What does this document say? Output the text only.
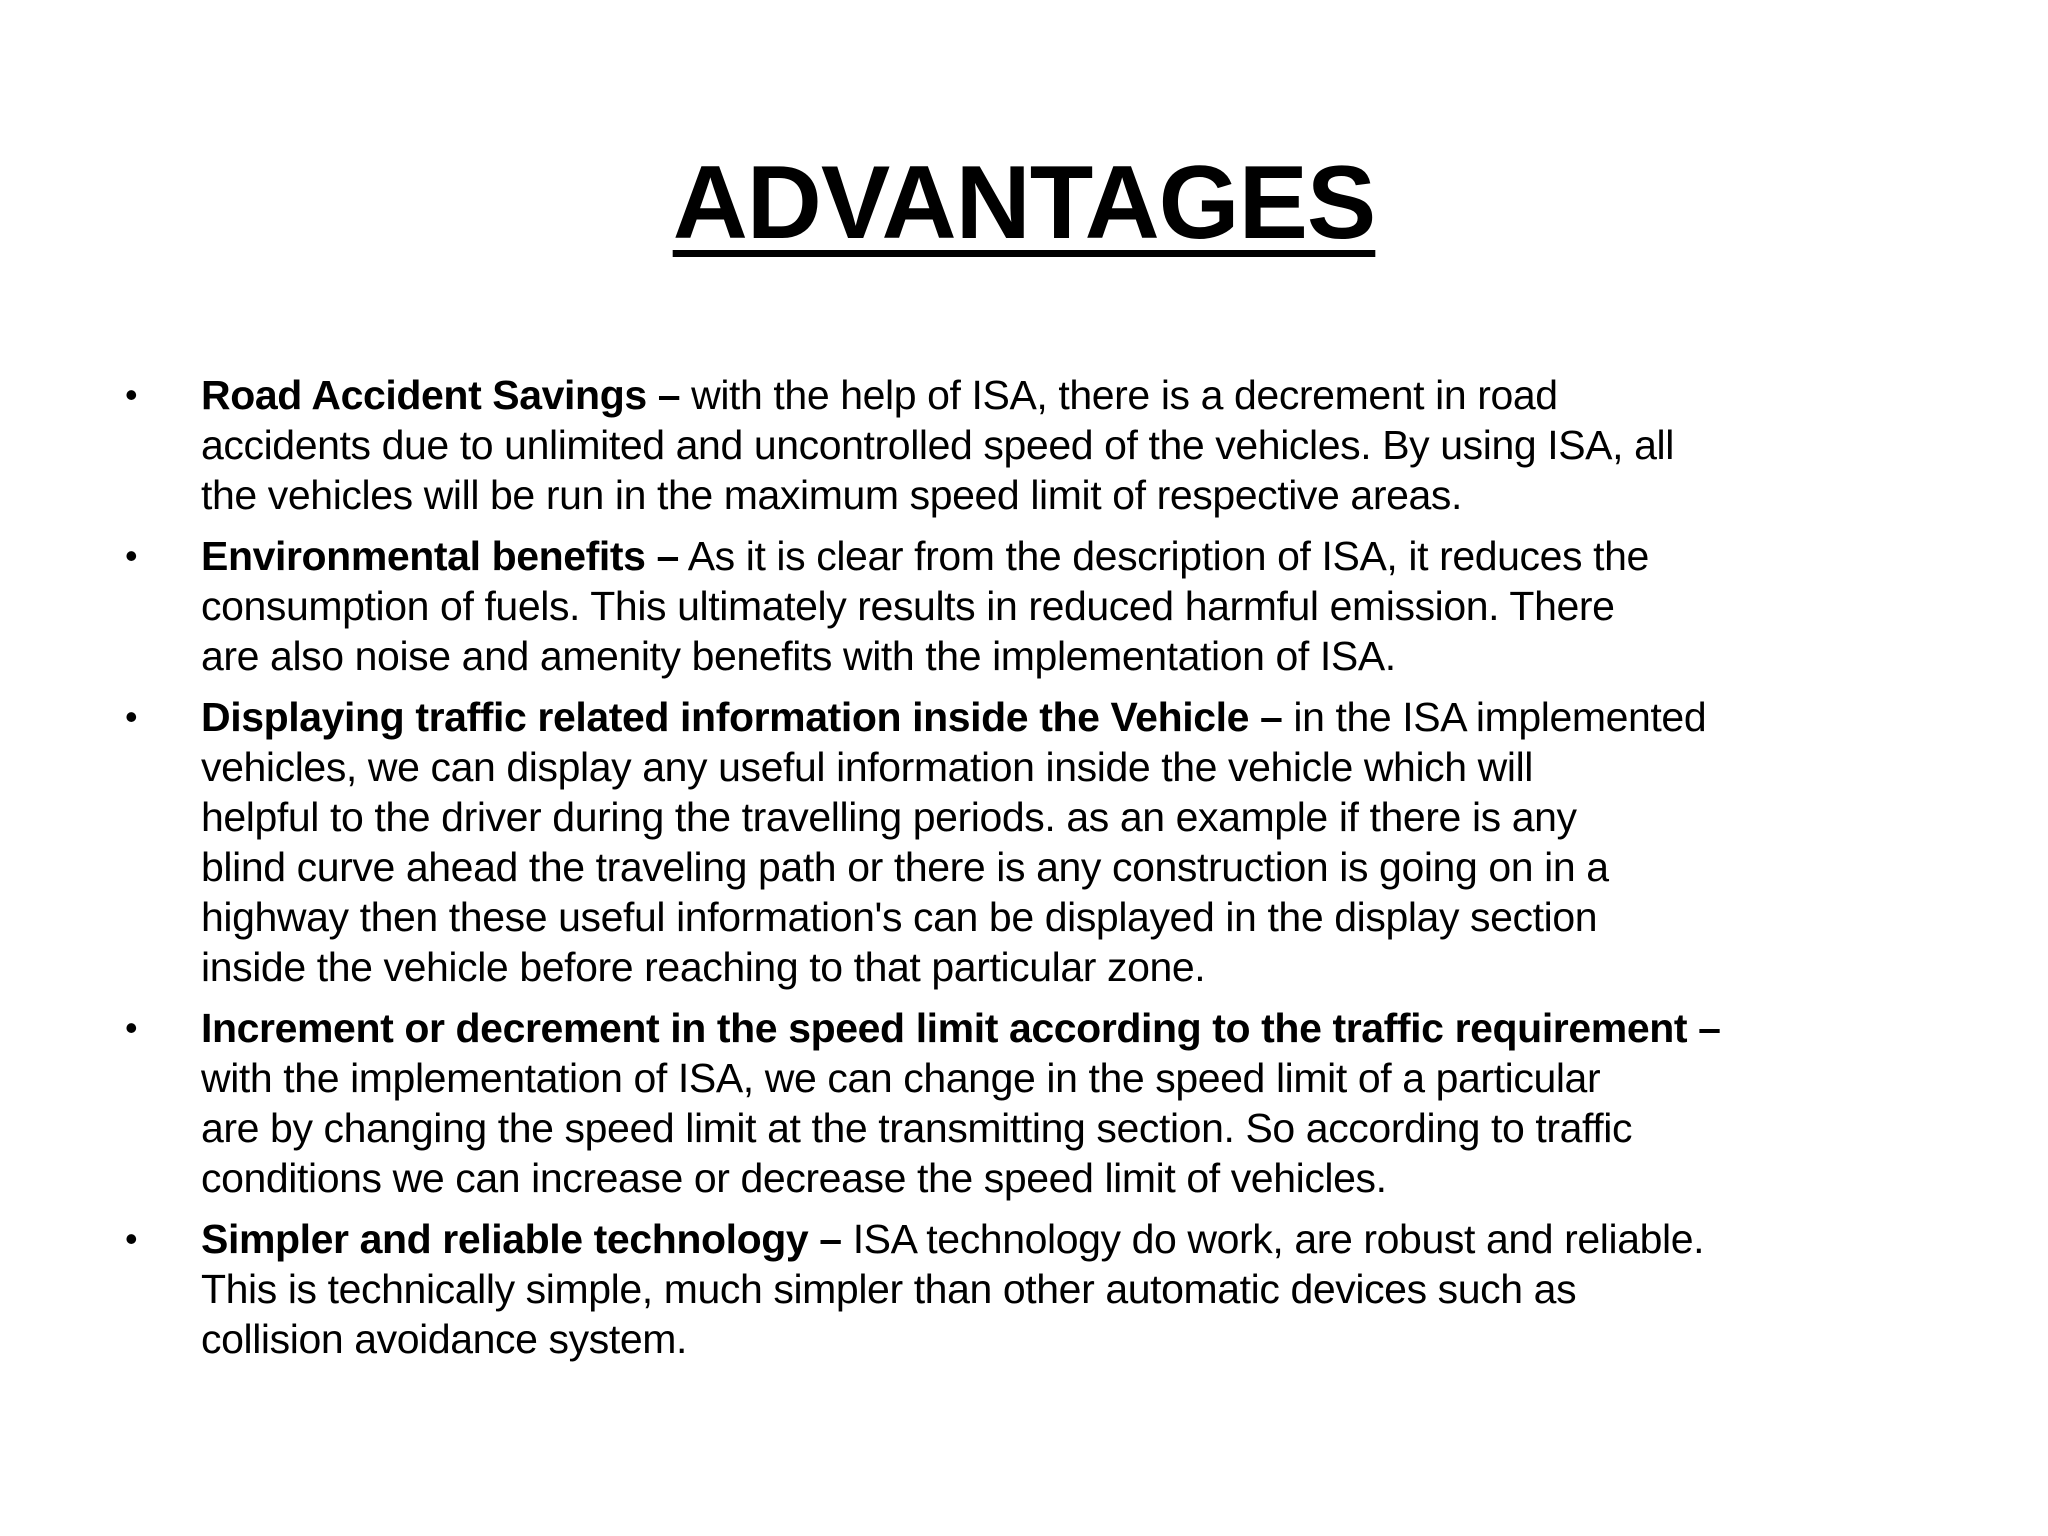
ADVANTAGES
• Road Accident Savings – with the help of ISA, there is a decrement in road
accidents due to unlimited and uncontrolled speed of the vehicles. By using ISA, all
the vehicles will be run in the maximum speed limit of respective areas.
• Environmental benefits – As it is clear from the description of ISA, it reduces the
consumption of fuels. This ultimately results in reduced harmful emission. There
are also noise and amenity benefits with the implementation of ISA.
• Displaying traffic related information inside the Vehicle – in the ISA implemented
vehicles, we can display any useful information inside the vehicle which will
helpful to the driver during the travelling periods. as an example if there is any
blind curve ahead the traveling path or there is any construction is going on in a
highway then these useful information's can be displayed in the display section
inside the vehicle before reaching to that particular zone.
• Increment or decrement in the speed limit according to the traffic requirement –
with the implementation of ISA, we can change in the speed limit of a particular
are by changing the speed limit at the transmitting section. So according to traffic
conditions we can increase or decrease the speed limit of vehicles.
• Simpler and reliable technology – ISA technology do work, are robust and reliable.
This is technically simple, much simpler than other automatic devices such as
collision avoidance system.
